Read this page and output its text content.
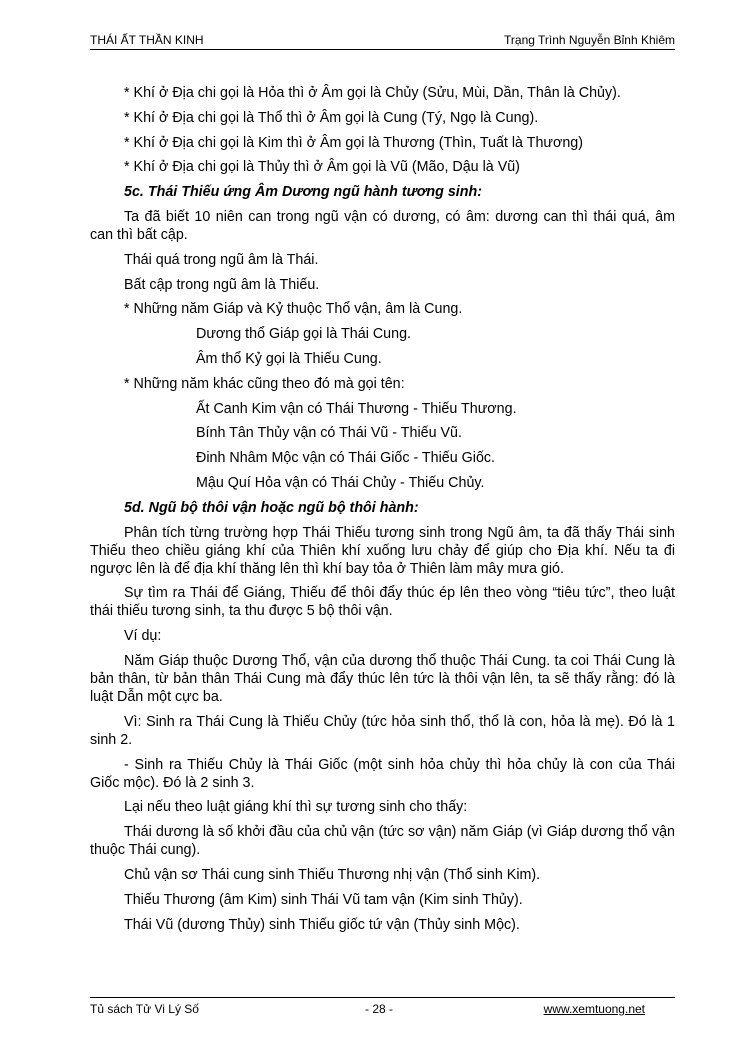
THÁI ẤT THẦN KINH	Trạng Trình Nguyễn Bỉnh Khiêm

* Khí ở Địa chi gọi là Hỏa thì ở Âm gọi là Chủy (Sửu, Mùi, Dần, Thân là Chủy).

* Khí ở Địa chi gọi là Thổ thì ở Âm gọi là Cung (Tý, Ngọ là Cung).

* Khí ở Địa chi gọi là Kim thì ở Âm gọi là Thương (Thìn, Tuất là Thương)

* Khí ở Địa chi gọi là Thủy thì ở Âm gọi là Vũ (Mão, Dậu là Vũ)

5c. Thái Thiếu ứng Âm Dương ngũ hành tương sinh:

Ta đã biết 10 niên can trong ngũ vận có dương, có âm: dương can thì thái quá, âm can thì bất cập.

Thái quá trong ngũ âm là Thái.

Bất cập trong ngũ âm là Thiếu.

* Những năm Giáp và Kỷ thuộc Thổ vận, âm là Cung.

Dương thổ Giáp gọi là Thái Cung.

Âm thổ Kỷ gọi là Thiếu Cung.

* Những năm khác cũng theo đó mà gọi tên:

Ất Canh Kim vận có Thái Thương - Thiếu Thương.

Bính Tân Thủy vận có Thái Vũ - Thiếu Vũ.

Đinh Nhâm Mộc vận có Thái Giốc - Thiếu Giốc.

Mậu Quí Hỏa vận có Thái Chủy - Thiếu Chủy.

5d. Ngũ bộ thôi vận hoặc ngũ bộ thôi hành:

Phân tích từng trường hợp Thái Thiếu tương sinh trong Ngũ âm, ta đã thấy Thái sinh Thiếu theo chiều giáng khí của Thiên khí xuống lưu chảy để giúp cho Địa khí. Nếu ta đi ngược lên là để địa khí thăng lên thì khí bay tỏa ở Thiên làm mây mưa gió.

Sự tìm ra Thái để Giáng, Thiếu để thôi đẩy thúc ép lên theo vòng “tiêu tức”, theo luật thái thiếu tương sinh, ta thu được 5 bộ thôi vận.

Ví dụ:

Năm Giáp thuộc Dương Thổ, vận của dương thổ thuộc Thái Cung. ta coi Thái Cung là bản thân, từ bản thân Thái Cung mà đẩy thúc lên tức là thôi vận lên, ta sẽ thấy rằng: đó là luật Dẫn một cực ba.

Vì: Sinh ra Thái Cung là Thiếu Chủy (tức hỏa sinh thổ, thổ là con, hỏa là mẹ). Đó là 1 sinh 2.

- Sinh ra Thiếu Chủy là Thái Giốc (một sinh hỏa chủy thì hỏa chủy là con của Thái Giốc mộc). Đó là 2 sinh 3.

Lại nếu theo luật giáng khí thì sự tương sinh cho thấy:

Thái dương là số khởi đầu của chủ vận (tức sơ vận) năm Giáp (vì Giáp dương thổ vận thuộc Thái cung).

Chủ vận sơ Thái cung sinh Thiếu Thương nhị vận (Thổ sinh Kim).

Thiếu Thương (âm Kim) sinh Thái Vũ tam vận (Kim sinh Thủy).

Thái Vũ (dương Thủy) sinh Thiếu giốc tứ vận (Thủy sinh Mộc).

Tủ sách Tử Vi Lý Số	- 28 -	www.xemtuong.net
